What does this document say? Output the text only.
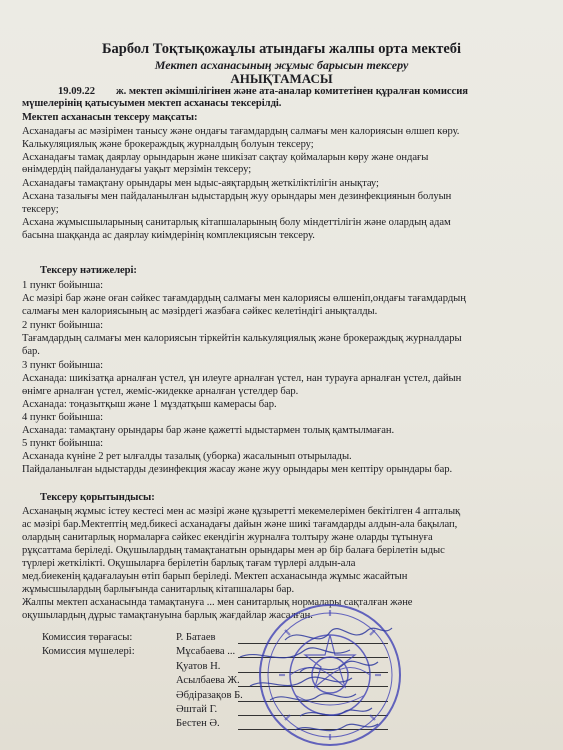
Барбол Тоқтықожаұлы атындағы жалпы орта мектебі
Мектеп асханасының жұмыс барысын тексеру
АНЫҚТАМАСЫ
19.09.22 ж. мектеп әкімшілігінен және ата-аналар комитетінен құралған комиссия
мүшелерінің қатысуымен мектеп асханасы тексерілді.
Мектеп асханасын тексеру мақсаты:
Асханадағы ас мәзірімен танысу және ондағы тағамдардың салмағы мен калориясын өлшеп көру.
Калькуляциялық және брокераждық журналдың болуын тексеру;
Асханадағы тамақ даярлау орындарын және шикізат сақтау қоймаларын көру және ондағы
өнімдердің пайдаланудағы уақыт мерзімін тексеру;
Асханадағы тамақтану орындары мен ыдыс-аяқтардың жеткіліктілігін анықтау;
Асхана тазалығы мен пайдаланылған ыдыстардың жуу орындары мен дезинфекциянын болуын
тексеру;
Асхана жұмысшыларының санитарлық кітапшаларының болу міндеттілігін және олардың адам
басына шаққанда ас даярлау киімдерінің комплекциясын тексеру.
Тексеру нәтижелері:
1 пункт бойынша:
Ас мәзірі бар және оған сәйкес тағамдардың салмағы мен калориясы өлшеніп,ондағы тағамдардың
салмағы мен калориясының ас мәзірдегі жазбаға сәйкес келетіндігі анықталды.
2 пункт бойынша:
Тағамдардың салмағы мен калориясын тіркейтін калькуляциялық және брокераждық журналдары
бар.
3 пункт бойынша:
Асханада: шикізатқа арналған үстел, ұн илеуге арналған үстел, нан турауға арналған үстел, дайын
өнімге арналған үстел, жеміс-жидекке арналған үстелдер бар.
Асханада: тоңазытқыш және 1 мұздатқыш камерасы бар.
4 пункт бойынша:
Асханада: тамақтану орындары бар және қажетті ыдыстармен толық қамтылмаған.
5 пункт бойынша:
Асханада күніне 2 рет ылғалды тазалық (уборка) жасалынып отырылады.
Пайдаланылған ыдыстарды дезинфекция жасау және жуу орындары мен кептіру орындары бар.
Тексеру қорытындысы:
Асханаңың жұмыс істеу кестесі мен ас мәзірі және құзыретті мекемелерімен бекітілген 4 апталық
ас мәзірі бар.Мектептің мед.бикесі асханадағы дайын және шикі тағамдарды алдын-ала бақылап,
олардың санитарлық нормаларға сәйкес екендігін журналға толтыру және оларды тұтынуға
рұқсаттама беріледі. Оқушылардың тамақтанатын орындары мен әр бір балаға берілетін ыдыс
түрлері жеткілікті. Оқушыларға берілетін барлық тағам түрлері алдын-ала
мед.биекенің қадағалауын өтіп барып беріледі. Мектеп асханасында жұмыс жасайтын
жұмысшылардың барлығында санитарлық кітапшалары бар.
Жалпы мектеп асханасында тамақтануға ... мен санитарлық нормалары сақталған және
оқушылардың дұрыс тамақтануына барлық жағдайлар жасалған.
Комиссия төрағасы:
Комиссия мүшелері:
Р. Батаев
Мұсабаева ...
Қуатов Н.
Асылбаева Ж.
Әбдіразақов Б.
Әштай Г.
Бестен Ә.
